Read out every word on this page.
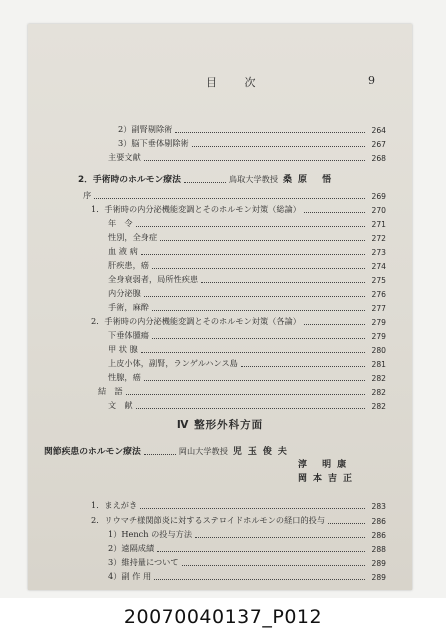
目 次	9
2．手術時のホルモン療法	鳥取大学教授 桑原 悟
Ⅳ 整形外科方面
関節疾患のホルモン療法	岡山大学教授 児玉俊夫
淳 明康
岡本吉正
2）副腎剔除術	264
3）脳下垂体剔除術	267
主要文献	268
序	269
1．手術時の内分泌機能変調とそのホルモン対策（総論）	270
年　令	271
性別，全身症	272
血 液 病	273
肝疾患，癌	274
全身衰弱者，局所性疾患	275
内分泌腺	276
手術，麻酔	277
2．手術時の内分泌機能変調とそのホルモン対策（各論）	279
下垂体腫瘍	279
甲 状 腺	280
上皮小体，副腎，ランゲルハンス島	281
性腺，癌	282
結　語	282
文　献	282
1．まえがき	283
2．リウマチ様関節炎に対するステロイドホルモンの経口的投与	286
1）Hench の投与方法	286
2）遠隔成績	288
3）維持量について	289
4）副 作 用	289
20070040137_P012
